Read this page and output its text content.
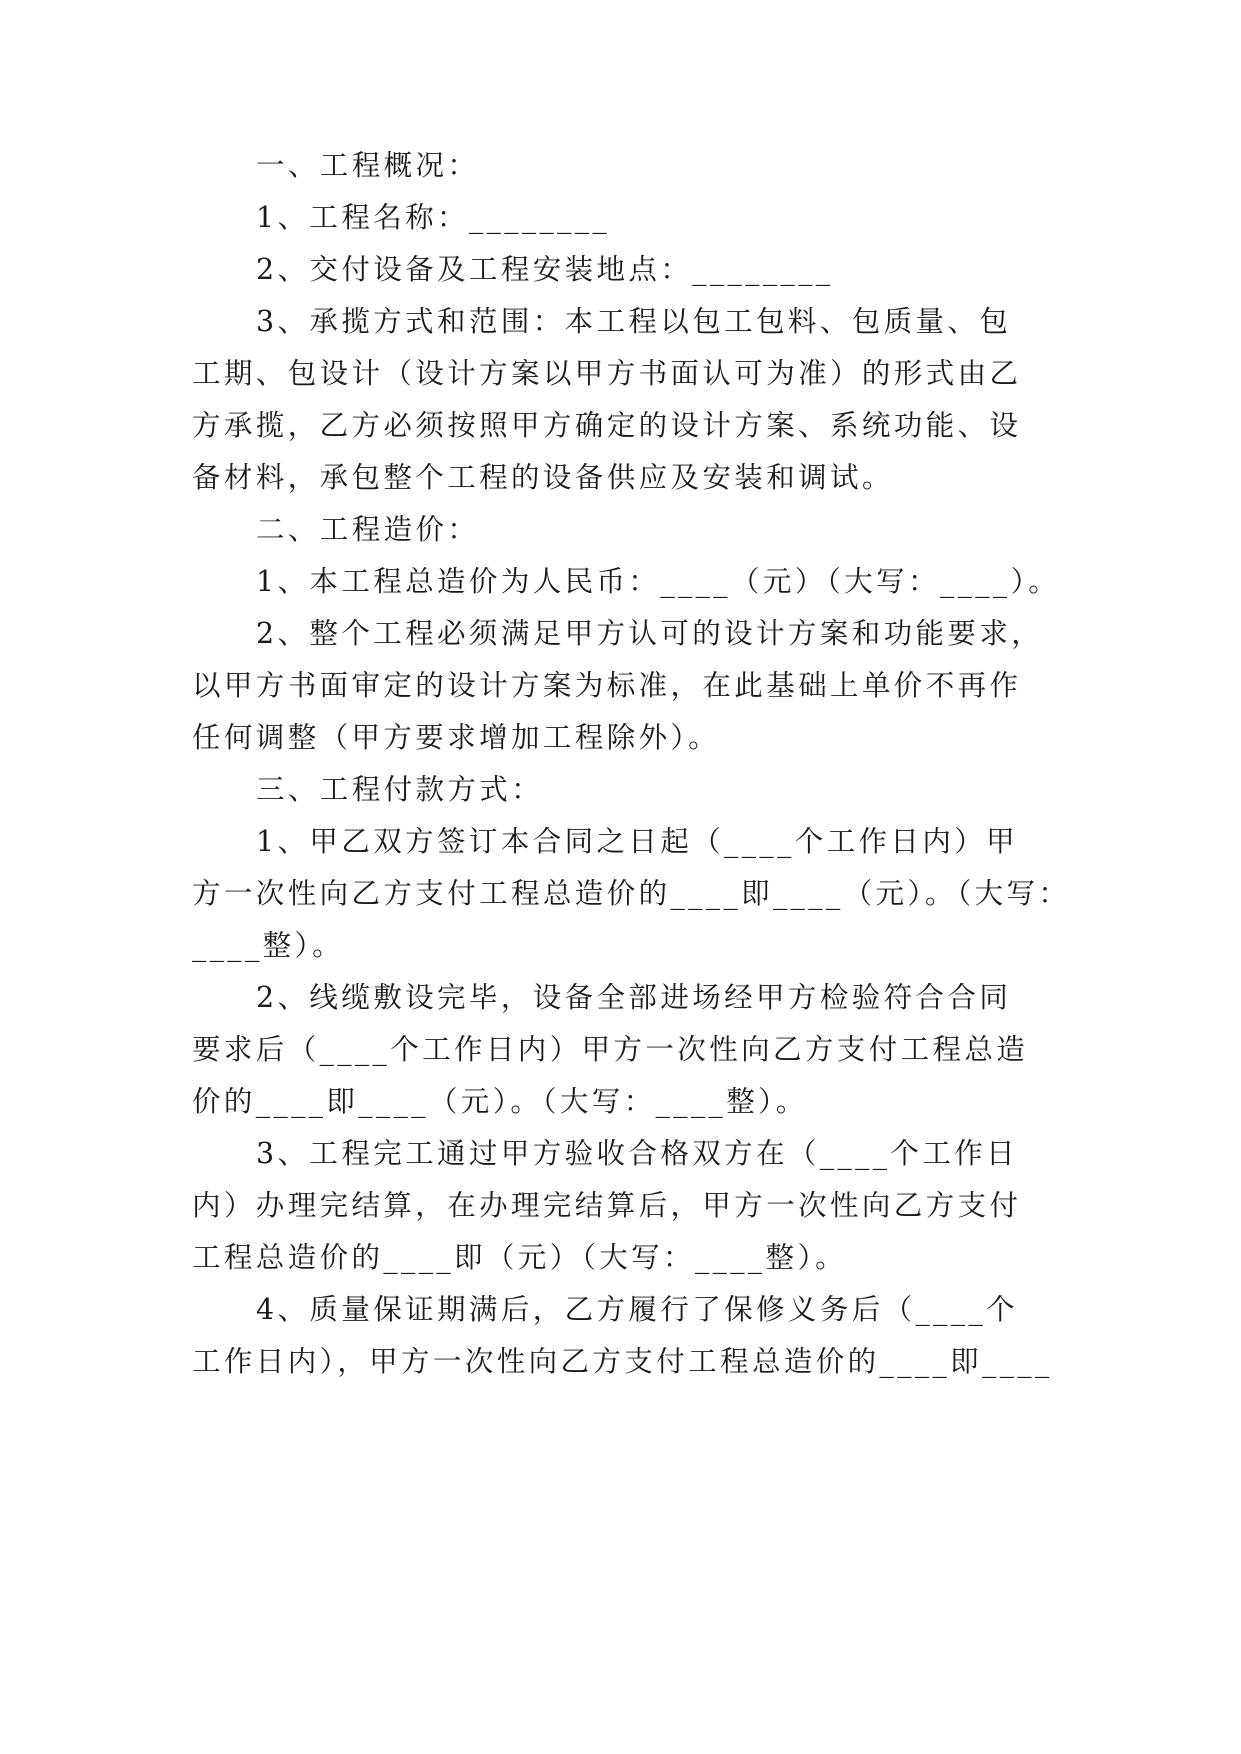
一、工程概况：
1、工程名称：________
2、交付设备及工程安装地点：________
3、承揽方式和范围：本工程以包工包料、包质量、包
工期、包设计（设计方案以甲方书面认可为准）的形式由乙
方承揽，乙方必须按照甲方确定的设计方案、系统功能、设
备材料，承包整个工程的设备供应及安装和调试。
二、工程造价：
1、本工程总造价为人民币：____（元）（大写：____）。
2、整个工程必须满足甲方认可的设计方案和功能要求，
以甲方书面审定的设计方案为标准，在此基础上单价不再作
任何调整（甲方要求增加工程除外）。
三、工程付款方式：
1、甲乙双方签订本合同之日起（____个工作日内）甲
方一次性向乙方支付工程总造价的____即____（元）。（大写：
____整）。
2、线缆敷设完毕，设备全部进场经甲方检验符合合同
要求后（____个工作日内）甲方一次性向乙方支付工程总造
价的____即____（元）。（大写：____整）。
3、工程完工通过甲方验收合格双方在（____个工作日
内）办理完结算，在办理完结算后，甲方一次性向乙方支付
工程总造价的____即（元）（大写：____整）。
4、质量保证期满后，乙方履行了保修义务后（____个
工作日内），甲方一次性向乙方支付工程总造价的____即____
